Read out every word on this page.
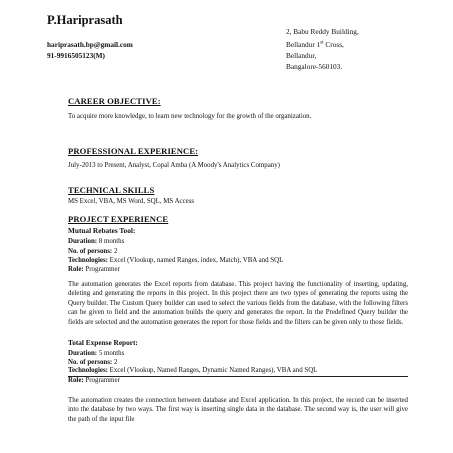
P.Hariprasath
hariprasath.bp@gmail.com
91-9916505123(M)
2, Babu Reddy Building,
Bellandur 1st Cross,
Bellandur,
Bangalore-560103.
CAREER OBJECTIVE:
To acquire more knowledge, to learn new technology for the growth of the organization.
PROFESSIONAL EXPERIENCE:
July-2013 to Present, Analyst, Copal Amba (A Moody's Analytics Company)
TECHNICAL SKILLS
MS Excel, VBA, MS Word, SQL, MS Access
PROJECT EXPERIENCE
Mutual Rebates Tool:
Duration: 8 months
No. of persons: 2
Technologies: Excel (Vlookup, named Ranges, index, Match), VBA and SQL
Role: Programmer
The automation generates the Excel reports from database. This project having the functionality of inserting, updating, deleting and generating the reports in this project. In this project there are two types of generating the reports using the Query builder. The Custom Query builder can used to select the various fields from the database, with the following filters can be given to field and the automation builds the query and generates the report. In the Predefined Query builder the fields are selected and the automation generates the report for those fields and the filters can be given only to those fields.
Total Expense Report:
Duration: 5 months
No. of persons: 2
Technologies: Excel (Vlookup, Named Ranges, Dynamic Named Ranges), VBA and SQL
Role: Programmer
The automation creates the connection between database and Excel application. In this project, the record can be inserted into the database by two ways. The first way is inserting single data in the database. The second way is, the user will give the path of the input file
